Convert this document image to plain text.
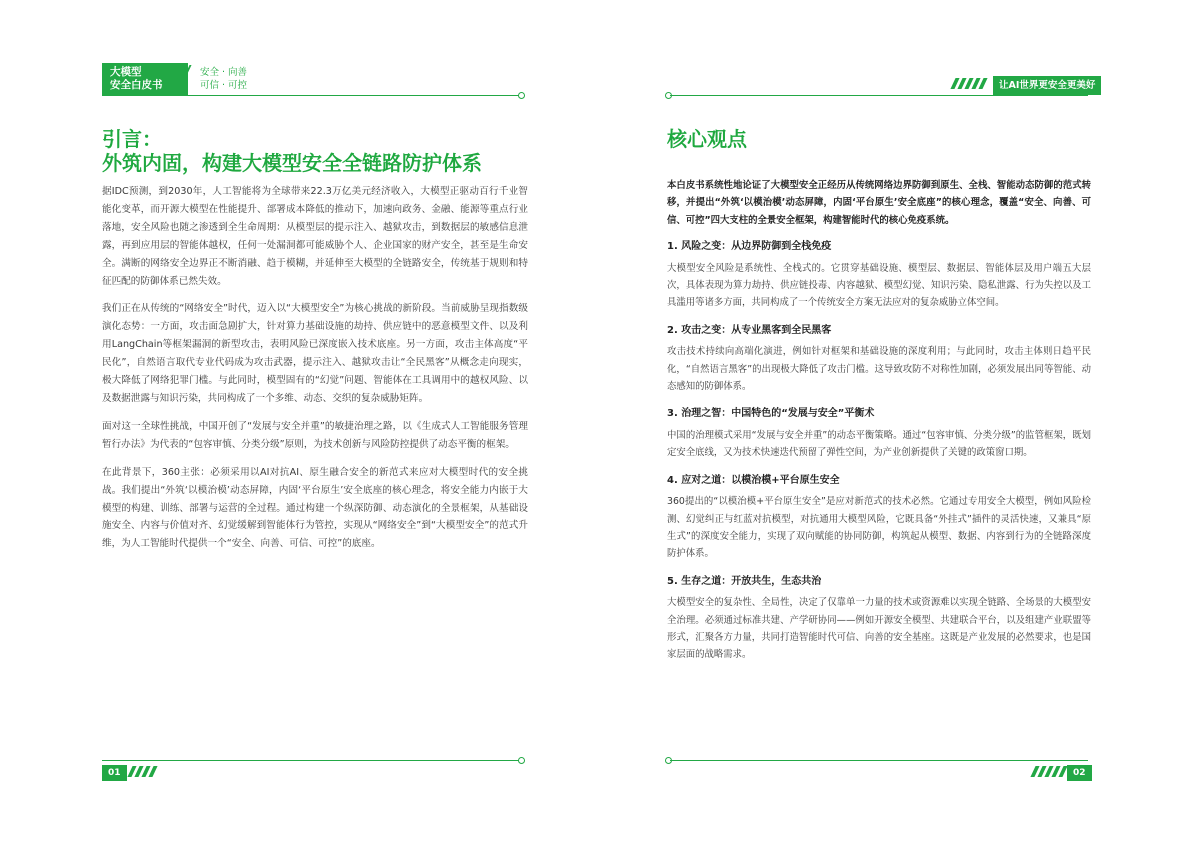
大模型
安全白皮书
安全 · 向善
可信 · 可控
引言：
外筑内固，构建大模型安全全链路防护体系

据IDC预测，到2030年，人工智能将为全球带来22.3万亿美元经济收入，大模型正驱动百行千业智能化变革，而开源大模型在性能提升、部署成本降低的推动下，加速向政务、金融、能源等重点行业落地，安全风险也随之渗透到全生命周期：从模型层的提示注入、越狱攻击，到数据层的敏感信息泄露，再到应用层的智能体越权，任何一处漏洞都可能威胁个人、企业国家的财产安全，甚至是生命安全。满断的网络安全边界正不断消融、趋于模糊，并延伸至大模型的全链路安全，传统基于规则和特征匹配的防御体系已然失效。

我们正在从传统的“网络安全”时代，迈入以“大模型安全”为核心挑战的新阶段。当前威胁呈现指数级演化态势：一方面，攻击面急剧扩大，针对算力基础设施的劫持、供应链中的恶意模型文件、以及利用LangChain等框架漏洞的新型攻击，表明风险已深度嵌入技术底座。另一方面，攻击主体高度“平民化”，自然语言取代专业代码成为攻击武器，提示注入、越狱攻击让“全民黑客”从概念走向现实，极大降低了网络犯罪门槛。与此同时，模型固有的“幻觉”问题、智能体在工具调用中的越权风险、以及数据泄露与知识污染，共同构成了一个多维、动态、交织的复杂威胁矩阵。

面对这一全球性挑战，中国开创了“发展与安全并重”的敏捷治理之路，以《生成式人工智能服务管理暂行办法》为代表的“包容审慎、分类分级”原则，为技术创新与风险防控提供了动态平衡的框架。

在此背景下，360主张：必须采用以AI对抗AI、原生融合安全的新范式来应对大模型时代的安全挑战。我们提出“外筑‘以模治模’动态屏障，内固‘平台原生’安全底座的核心理念，将安全能力内嵌于大模型的构建、训练、部署与运营的全过程。通过构建一个纵深防御、动态演化的全景框架，从基础设施安全、内容与价值对齐、幻觉缓解到智能体行为管控，实现从“网络安全”到“大模型安全”的范式升维，为人工智能时代提供一个“安全、向善、可信、可控”的底座。

01
让AI世界更安全更美好
核心观点

本白皮书系统性地论证了大模型安全正经历从传统网络边界防御到原生、全栈、智能动态防御的范式转移，并提出“外筑‘以模治模’动态屏障，内固‘平台原生’安全底座”的核心理念，覆盖“安全、向善、可信、可控”四大支柱的全景安全框架，构建智能时代的核心免疫系统。

1. 风险之变：从边界防御到全栈免疫

大模型安全风险是系统性、全栈式的。它贯穿基础设施、模型层、数据层、智能体层及用户端五大层次，具体表现为算力劫持、供应链投毒、内容越狱、模型幻觉、知识污染、隐私泄露、行为失控以及工具滥用等诸多方面，共同构成了一个传统安全方案无法应对的复杂威胁立体空间。

2. 攻击之变：从专业黑客到全民黑客

攻击技术持续向高端化演进，例如针对框架和基础设施的深度利用；与此同时，攻击主体则日趋平民化，“自然语言黑客”的出现极大降低了攻击门槛。这导致攻防不对称性加剧，必须发展出同等智能、动态感知的防御体系。

3. 治理之智：中国特色的“发展与安全”平衡术

中国的治理模式采用“发展与安全并重”的动态平衡策略。通过“包容审慎、分类分级”的监管框架，既划定安全底线，又为技术快速迭代预留了弹性空间，为产业创新提供了关键的政策窗口期。

4. 应对之道：以模治模+平台原生安全

360提出的“以模治模+平台原生安全”是应对新范式的技术必然。它通过专用安全大模型，例如风险检测、幻觉纠正与红蓝对抗模型，对抗通用大模型风险，它既具备“外挂式”插件的灵活快速，又兼具“原生式”的深度安全能力，实现了双向赋能的协同防御，构筑起从模型、数据、内容到行为的全链路深度防护体系。

5. 生存之道：开放共生，生态共治

大模型安全的复杂性、全局性，决定了仅靠单一力量的技术或资源难以实现全链路、全场景的大模型安全治理。必须通过标准共建、产学研协同——例如开源安全模型、共建联合平台，以及组建产业联盟等形式，汇聚各方力量，共同打造智能时代可信、向善的安全基座。这既是产业发展的必然要求，也是国家层面的战略需求。

02
